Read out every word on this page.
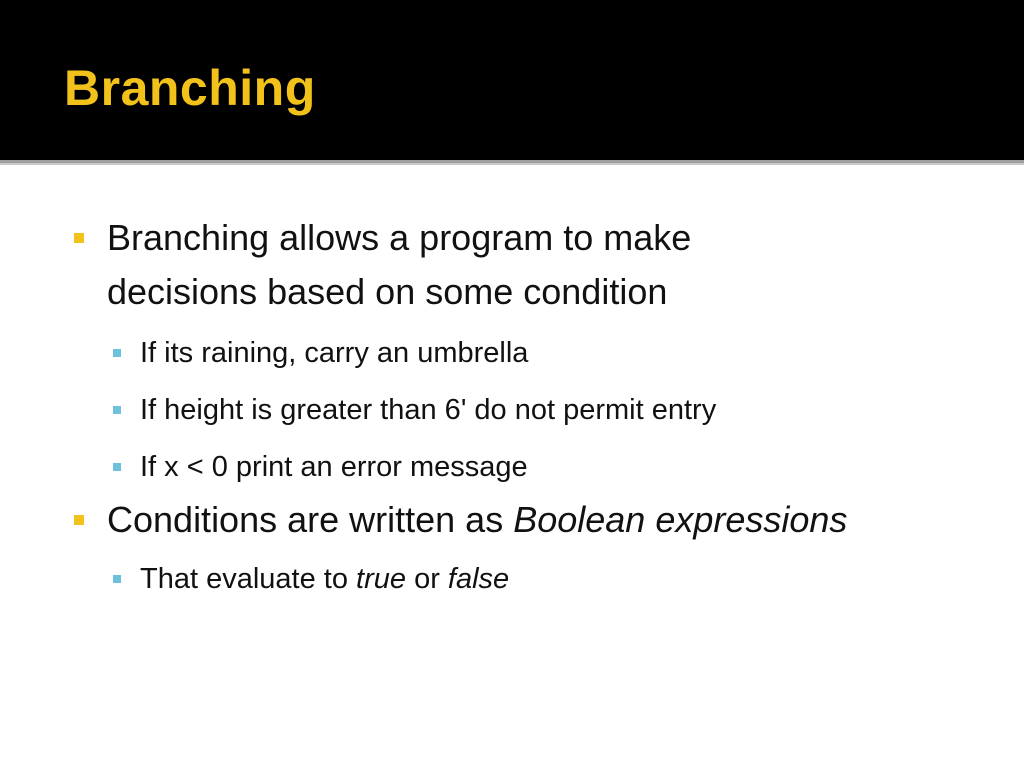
Branching
Branching allows a program to make
decisions based on some condition
If its raining, carry an umbrella
If height is greater than 6' do not permit entry
If x < 0 print an error message
Conditions are written as Boolean expressions
That evaluate to true or false
